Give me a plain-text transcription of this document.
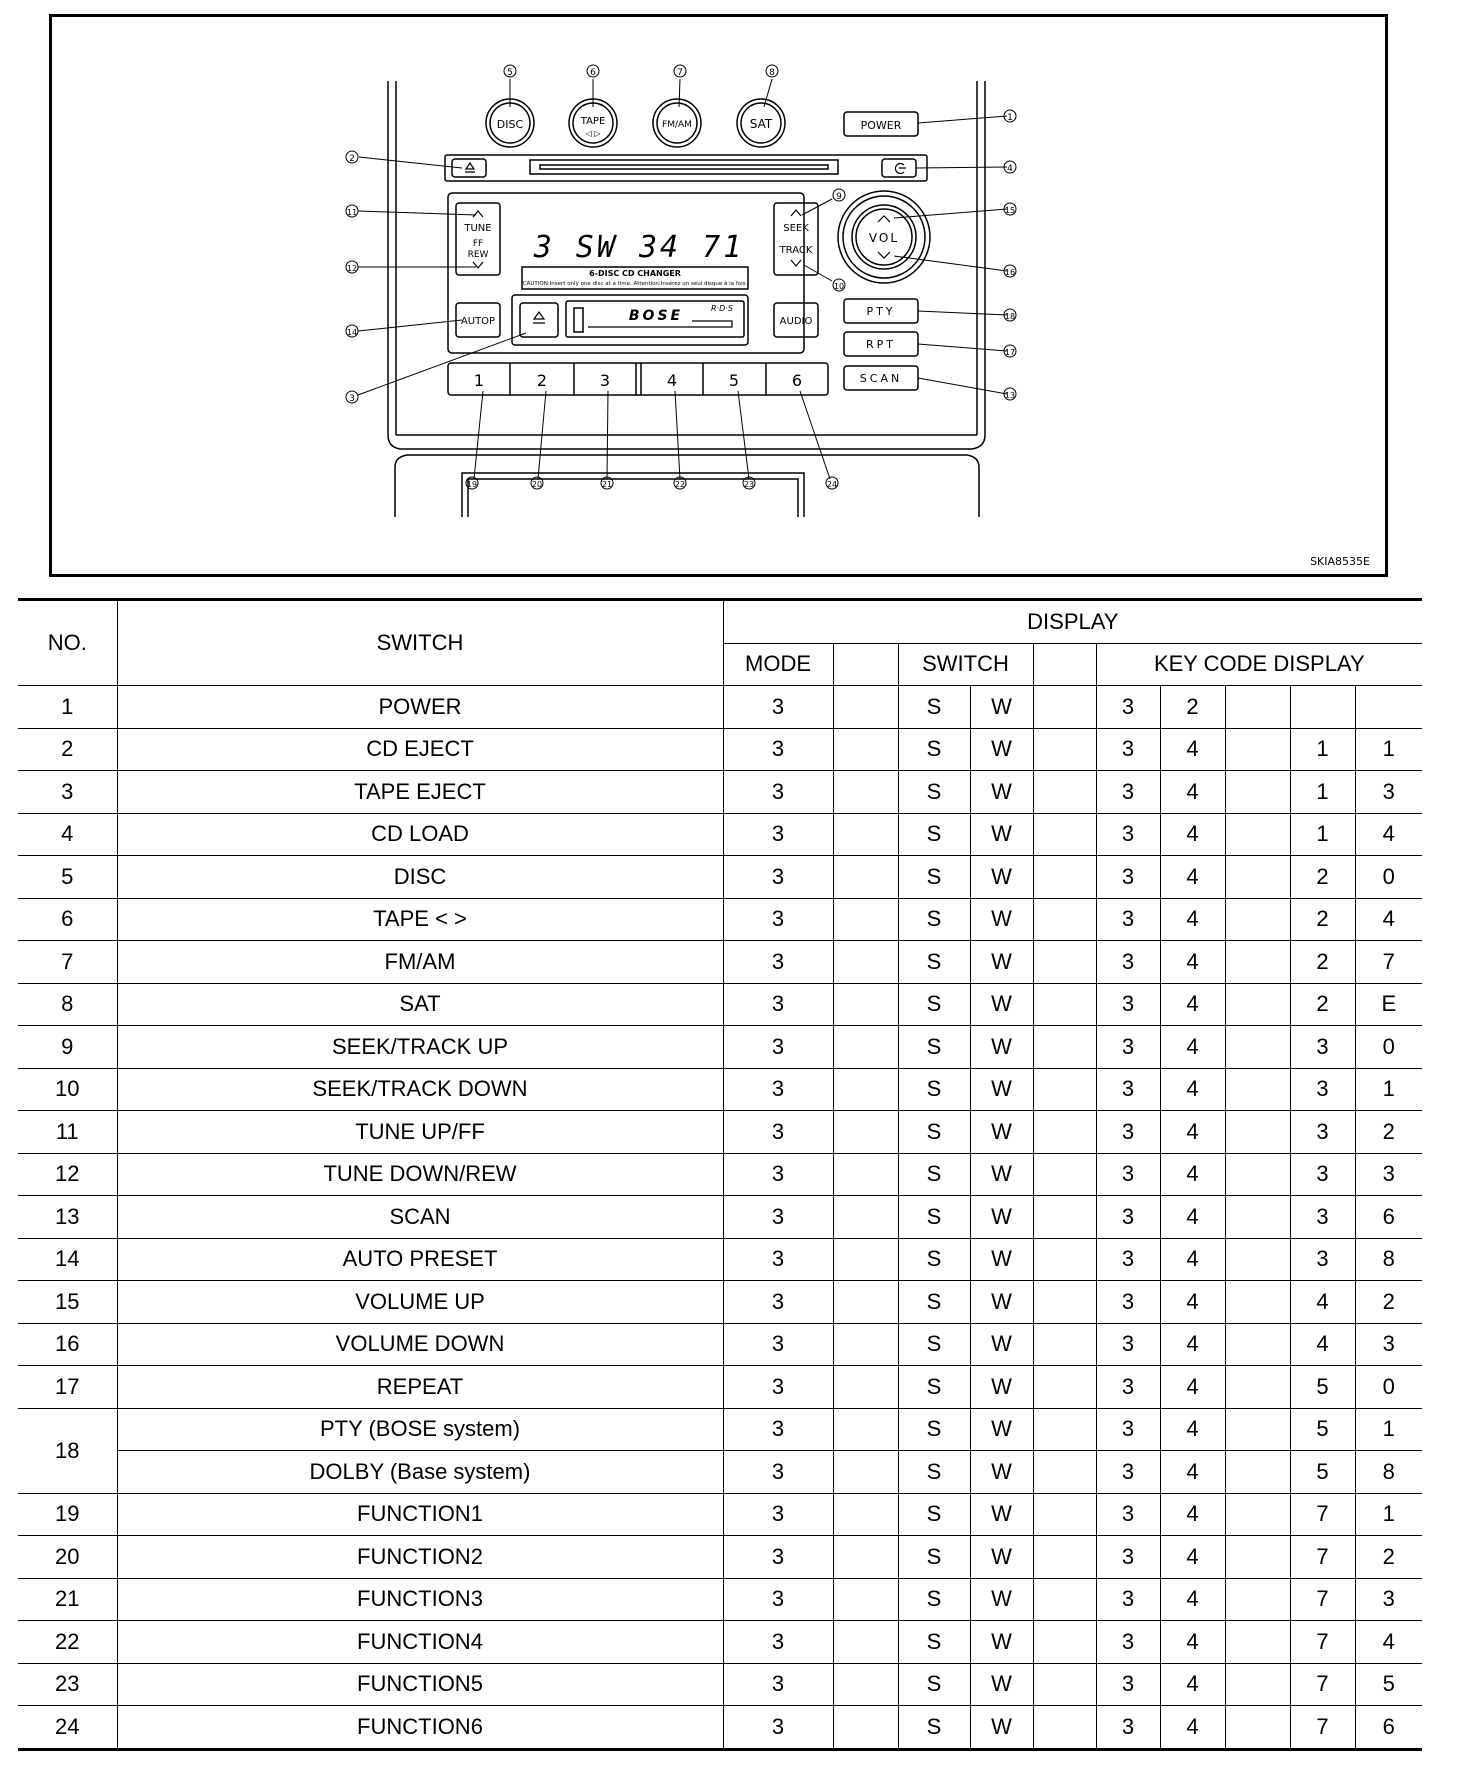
DISC	TAPE
◁ ▷
FM/AM	SAT	POWER
TUNE
FF
REW 3 SW 34 71
6-DISC CD CHANGER
CAUTION:Insert only one disc at a time. Attention:Insérez un seul disque à la fois.
SEEK
TRACK
VOL
AUTOP	BOSE	R·D·S
AUDIO
PTY
RPT
SCAN
1	2	3	4	5	6
1
2
3
4
5	6	7	8
9
10
11
12
13
14
15
16
17
18
19	20	21	22	23	24
SKIA8535E
NO.	SWITCH	DISPLAY									
		MODE		SWITCH			KEY CODE DISPLAY				
1	POWER	3		S	W		3	2			
2	CD EJECT	3		S	W		3	4		1	1
3	TAPE EJECT	3		S	W		3	4		1	3
4	CD LOAD	3		S	W		3	4		1	4
5	DISC	3		S	W		3	4		2	0
6	TAPE < >	3		S	W		3	4		2	4
7	FM/AM	3		S	W		3	4		2	7
8	SAT	3		S	W		3	4		2	E
9	SEEK/TRACK UP	3		S	W		3	4		3	0
10	SEEK/TRACK DOWN	3		S	W		3	4		3	1
11	TUNE UP/FF	3		S	W		3	4		3	2
12	TUNE DOWN/REW	3		S	W		3	4		3	3
13	SCAN	3		S	W		3	4		3	6
14	AUTO PRESET	3		S	W		3	4		3	8
15	VOLUME UP	3		S	W		3	4		4	2
16	VOLUME DOWN	3		S	W		3	4		4	3
17	REPEAT	3		S	W		3	4		5	0
18	PTY (BOSE system)	3		S	W		3	4		5	1
	DOLBY (Base system)	3		S	W		3	4		5	8
19	FUNCTION1	3		S	W		3	4		7	1
20	FUNCTION2	3		S	W		3	4		7	2
21	FUNCTION3	3		S	W		3	4		7	3
22	FUNCTION4	3		S	W		3	4		7	4
23	FUNCTION5	3		S	W		3	4		7	5
24	FUNCTION6	3		S	W		3	4		7	6
